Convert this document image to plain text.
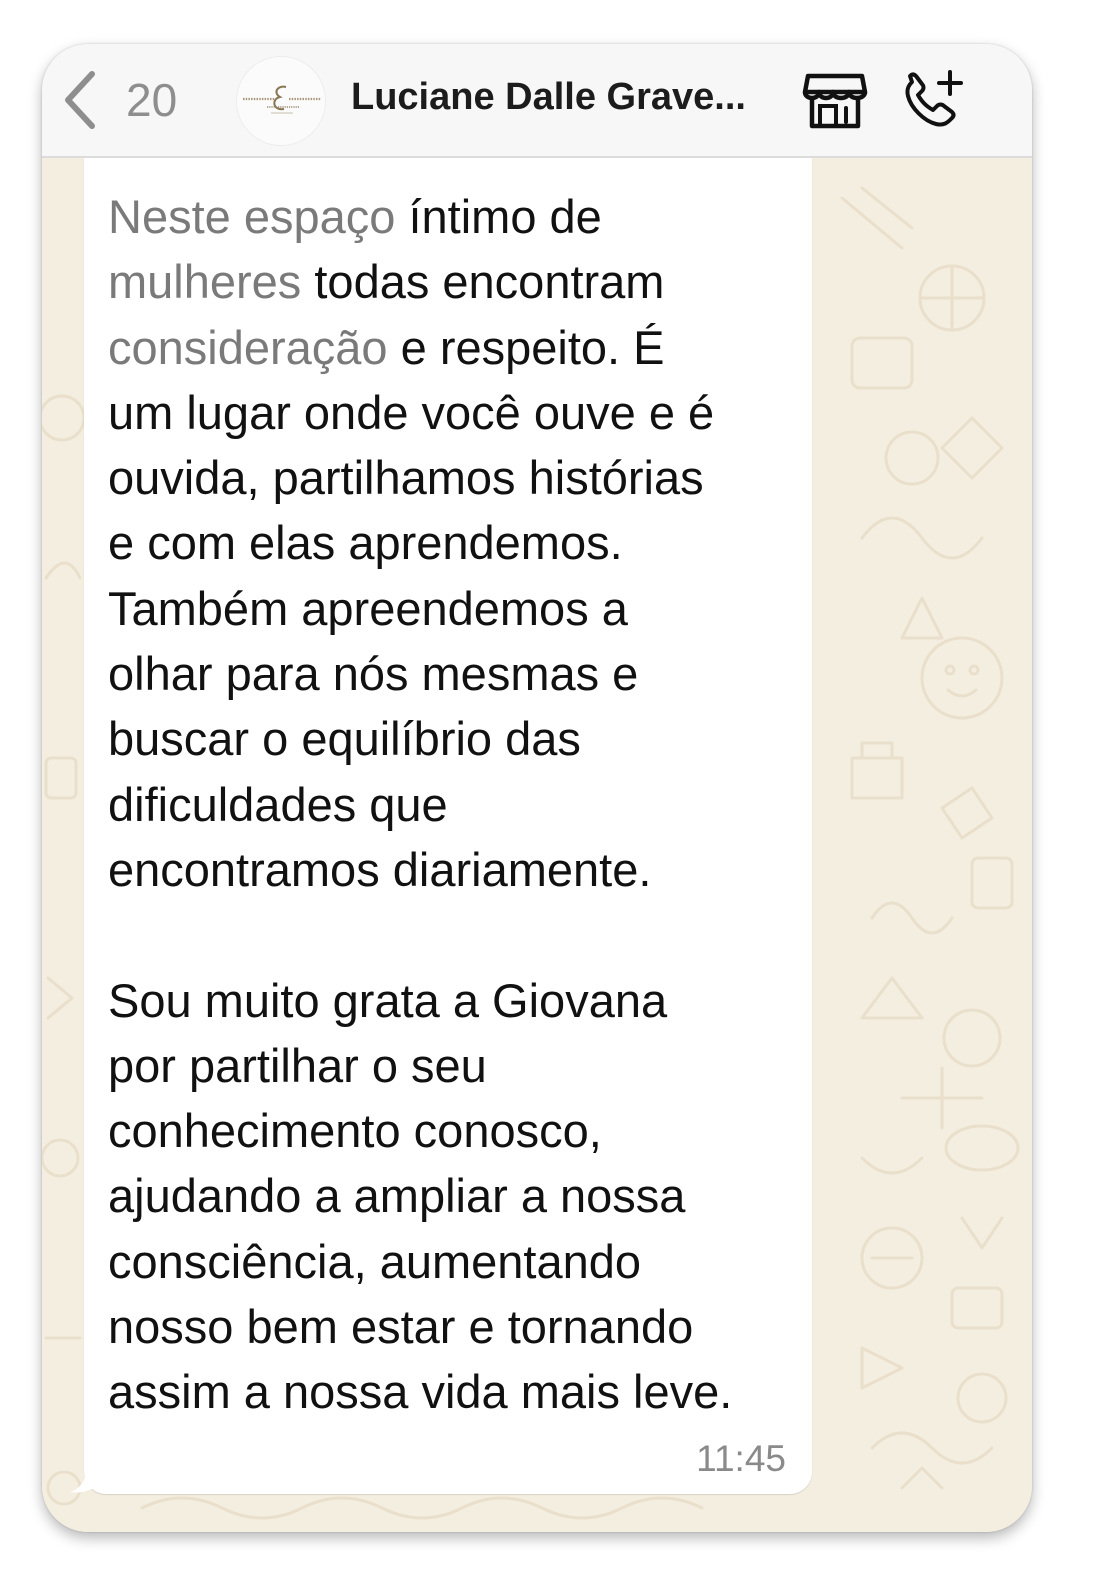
20	Luciane Dalle Grave...

Neste espaço íntimo de
mulheres todas encontram
consideração e respeito. É
um lugar onde você ouve e é
ouvida, partilhamos histórias
e com elas aprendemos.
Também apreendemos a
olhar para nós mesmas e
buscar o equilíbrio das
dificuldades que
encontramos diariamente.

Sou muito grata a Giovana
por partilhar o seu
conhecimento conosco,
ajudando a ampliar a nossa
consciência, aumentando
nosso bem estar e tornando
assim a nossa vida mais leve.

11:45
